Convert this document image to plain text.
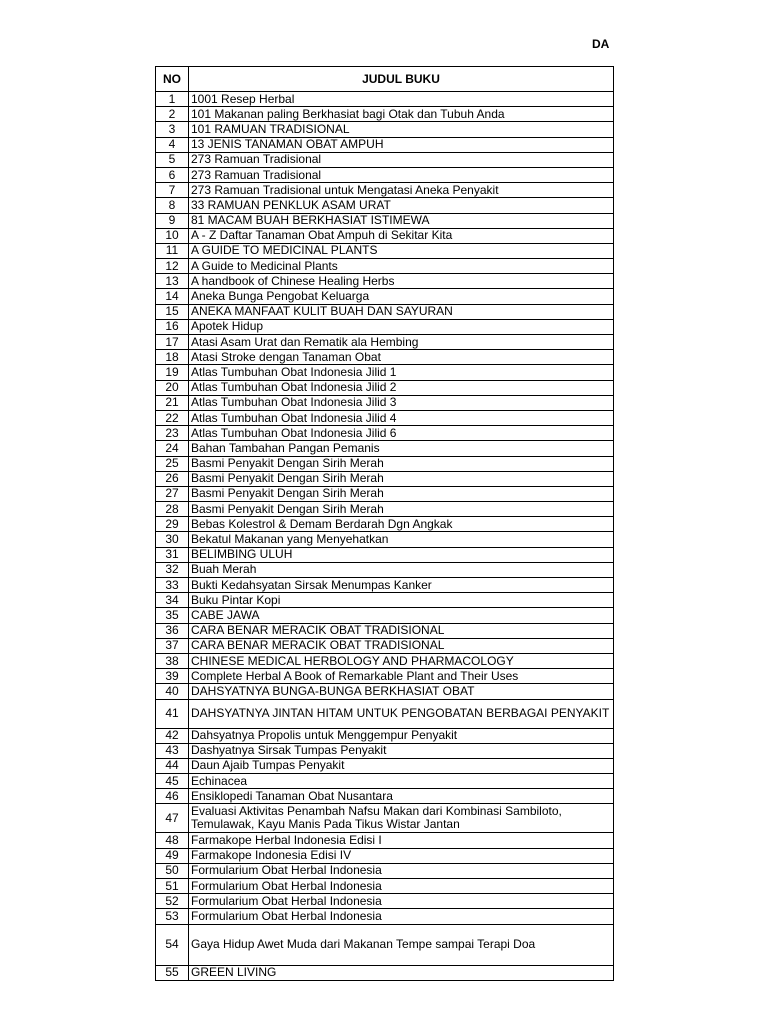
DA
NO	JUDUL BUKU
1	1001 Resep Herbal
2	101 Makanan paling Berkhasiat bagi Otak dan Tubuh Anda
3	101 RAMUAN TRADISIONAL
4	13 JENIS TANAMAN OBAT AMPUH
5	273 Ramuan Tradisional
6	273 Ramuan Tradisional
7	273 Ramuan Tradisional untuk Mengatasi Aneka Penyakit
8	33 RAMUAN PENKLUK ASAM URAT
9	81 MACAM BUAH BERKHASIAT ISTIMEWA
10	A - Z Daftar Tanaman Obat Ampuh di Sekitar Kita
11	A GUIDE TO MEDICINAL PLANTS
12	A Guide to Medicinal Plants
13	A handbook of Chinese Healing Herbs
14	Aneka Bunga Pengobat Keluarga
15	ANEKA MANFAAT KULIT BUAH DAN SAYURAN
16	Apotek Hidup
17	Atasi Asam Urat dan Rematik ala Hembing
18	Atasi Stroke dengan Tanaman Obat
19	Atlas Tumbuhan Obat Indonesia Jilid 1
20	Atlas Tumbuhan Obat Indonesia Jilid 2
21	Atlas Tumbuhan Obat Indonesia Jilid 3
22	Atlas Tumbuhan Obat Indonesia Jilid 4
23	Atlas Tumbuhan Obat Indonesia Jilid 6
24	Bahan Tambahan Pangan Pemanis
25	Basmi Penyakit Dengan Sirih Merah
26	Basmi Penyakit Dengan Sirih Merah
27	Basmi Penyakit Dengan Sirih Merah
28	Basmi Penyakit Dengan Sirih Merah
29	Bebas Kolestrol & Demam Berdarah Dgn Angkak
30	Bekatul Makanan yang Menyehatkan
31	BELIMBING ULUH
32	Buah Merah
33	Bukti Kedahsyatan Sirsak Menumpas Kanker
34	Buku Pintar Kopi
35	CABE JAWA
36	CARA BENAR MERACIK OBAT TRADISIONAL
37	CARA BENAR MERACIK OBAT TRADISIONAL
38	CHINESE MEDICAL HERBOLOGY AND PHARMACOLOGY
39	Complete Herbal A Book of Remarkable Plant and Their Uses
40	DAHSYATNYA BUNGA-BUNGA BERKHASIAT OBAT
41	DAHSYATNYA JINTAN HITAM UNTUK PENGOBATAN BERBAGAI PENYAKIT
42	Dahsyatnya Propolis untuk Menggempur Penyakit
43	Dashyatnya Sirsak Tumpas Penyakit
44	Daun Ajaib Tumpas Penyakit
45	Echinacea
46	Ensiklopedi Tanaman Obat Nusantara
47	Evaluasi Aktivitas Penambah Nafsu Makan dari Kombinasi Sambiloto, Temulawak, Kayu Manis Pada Tikus Wistar Jantan
48	Farmakope Herbal Indonesia Edisi I
49	Farmakope Indonesia Edisi IV
50	Formularium Obat Herbal Indonesia
51	Formularium Obat Herbal Indonesia
52	Formularium Obat Herbal Indonesia
53	Formularium Obat Herbal Indonesia
54	Gaya Hidup Awet Muda dari Makanan Tempe sampai Terapi Doa
55	GREEN LIVING
